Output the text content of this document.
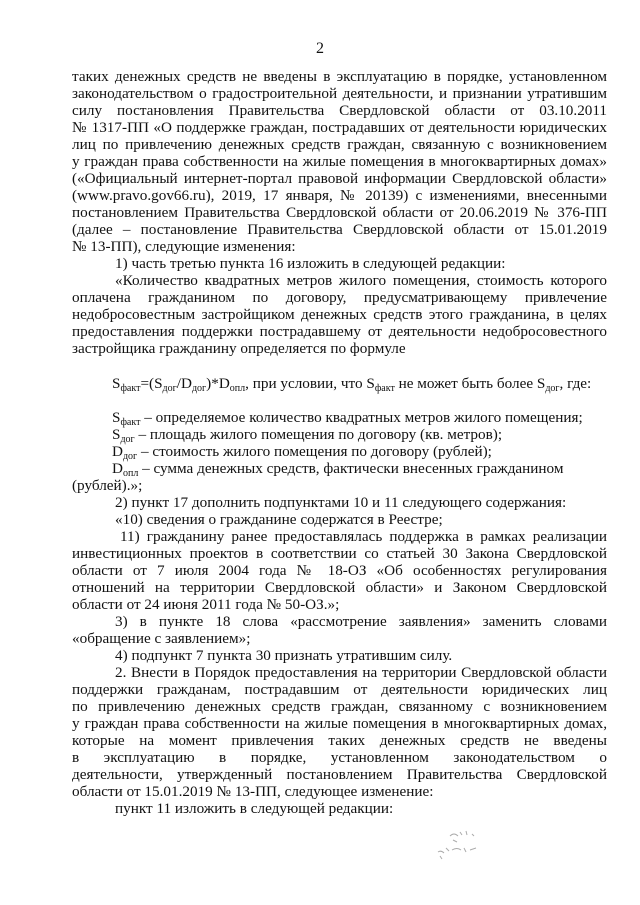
2
таких денежных средств не введены в эксплуатацию в порядке, установленном
законодательством о градостроительной деятельности, и признании утратившим
силу постановления Правительства Свердловской области от 03.10.2011
№ 1317-ПП «О поддержке граждан, пострадавших от деятельности юридических
лиц по привлечению денежных средств граждан, связанную с возникновением
у граждан права собственности на жилые помещения в многоквартирных домах»
(«Официальный интернет-портал правовой информации Свердловской области»
(www.pravo.gov66.ru), 2019, 17 января, № 20139) с изменениями, внесенными
постановлением Правительства Свердловской области от 20.06.2019 № 376-ПП
(далее – постановление Правительства Свердловской области от 15.01.2019
№ 13-ПП), следующие изменения:
1) часть третью пункта 16 изложить в следующей редакции:
«Количество квадратных метров жилого помещения, стоимость которого
оплачена гражданином по договору, предусматривающему привлечение
недобросовестным застройщиком денежных средств этого гражданина, в целях
предоставления поддержки пострадавшему от деятельности недобросовестного
застройщика гражданину определяется по формуле
$S_{факт}=(S_{дог}/D_{дог})*D_{опл}$, при условии, что $S_{факт}$ не может быть более $S_{дог}$, где:
$S_{факт}$ – определяемое количество квадратных метров жилого помещения;
$S_{дог}$ – площадь жилого помещения по договору (кв. метров);
$D_{дог}$ – стоимость жилого помещения по договору (рублей);
$D_{опл}$ – сумма денежных средств, фактически внесенных гражданином
(рублей).»;
2) пункт 17 дополнить подпунктами 10 и 11 следующего содержания:
«10) сведения о гражданине содержатся в Реестре;
11) гражданину ранее предоставлялась поддержка в рамках реализации
инвестиционных проектов в соответствии со статьей 30 Закона Свердловской
области от 7 июля 2004 года № 18-ОЗ «Об особенностях регулирования
отношений на территории Свердловской области» и Законом Свердловской
области от 24 июня 2011 года № 50-ОЗ.»;
3) в пункте 18 слова «рассмотрение заявления» заменить словами
«обращение с заявлением»;
4) подпункт 7 пункта 30 признать утратившим силу.
2. Внести в Порядок предоставления на территории Свердловской области
поддержки гражданам, пострадавшим от деятельности юридических лиц
по привлечению денежных средств граждан, связанному с возникновением
у граждан права собственности на жилые помещения в многоквартирных домах,
которые на момент привлечения таких денежных средств не введены
в эксплуатацию в порядке, установленном законодательством о
деятельности, утвержденный постановлением Правительства Свердловской
области от 15.01.2019 № 13-ПП, следующее изменение:
пункт 11 изложить в следующей редакции:
